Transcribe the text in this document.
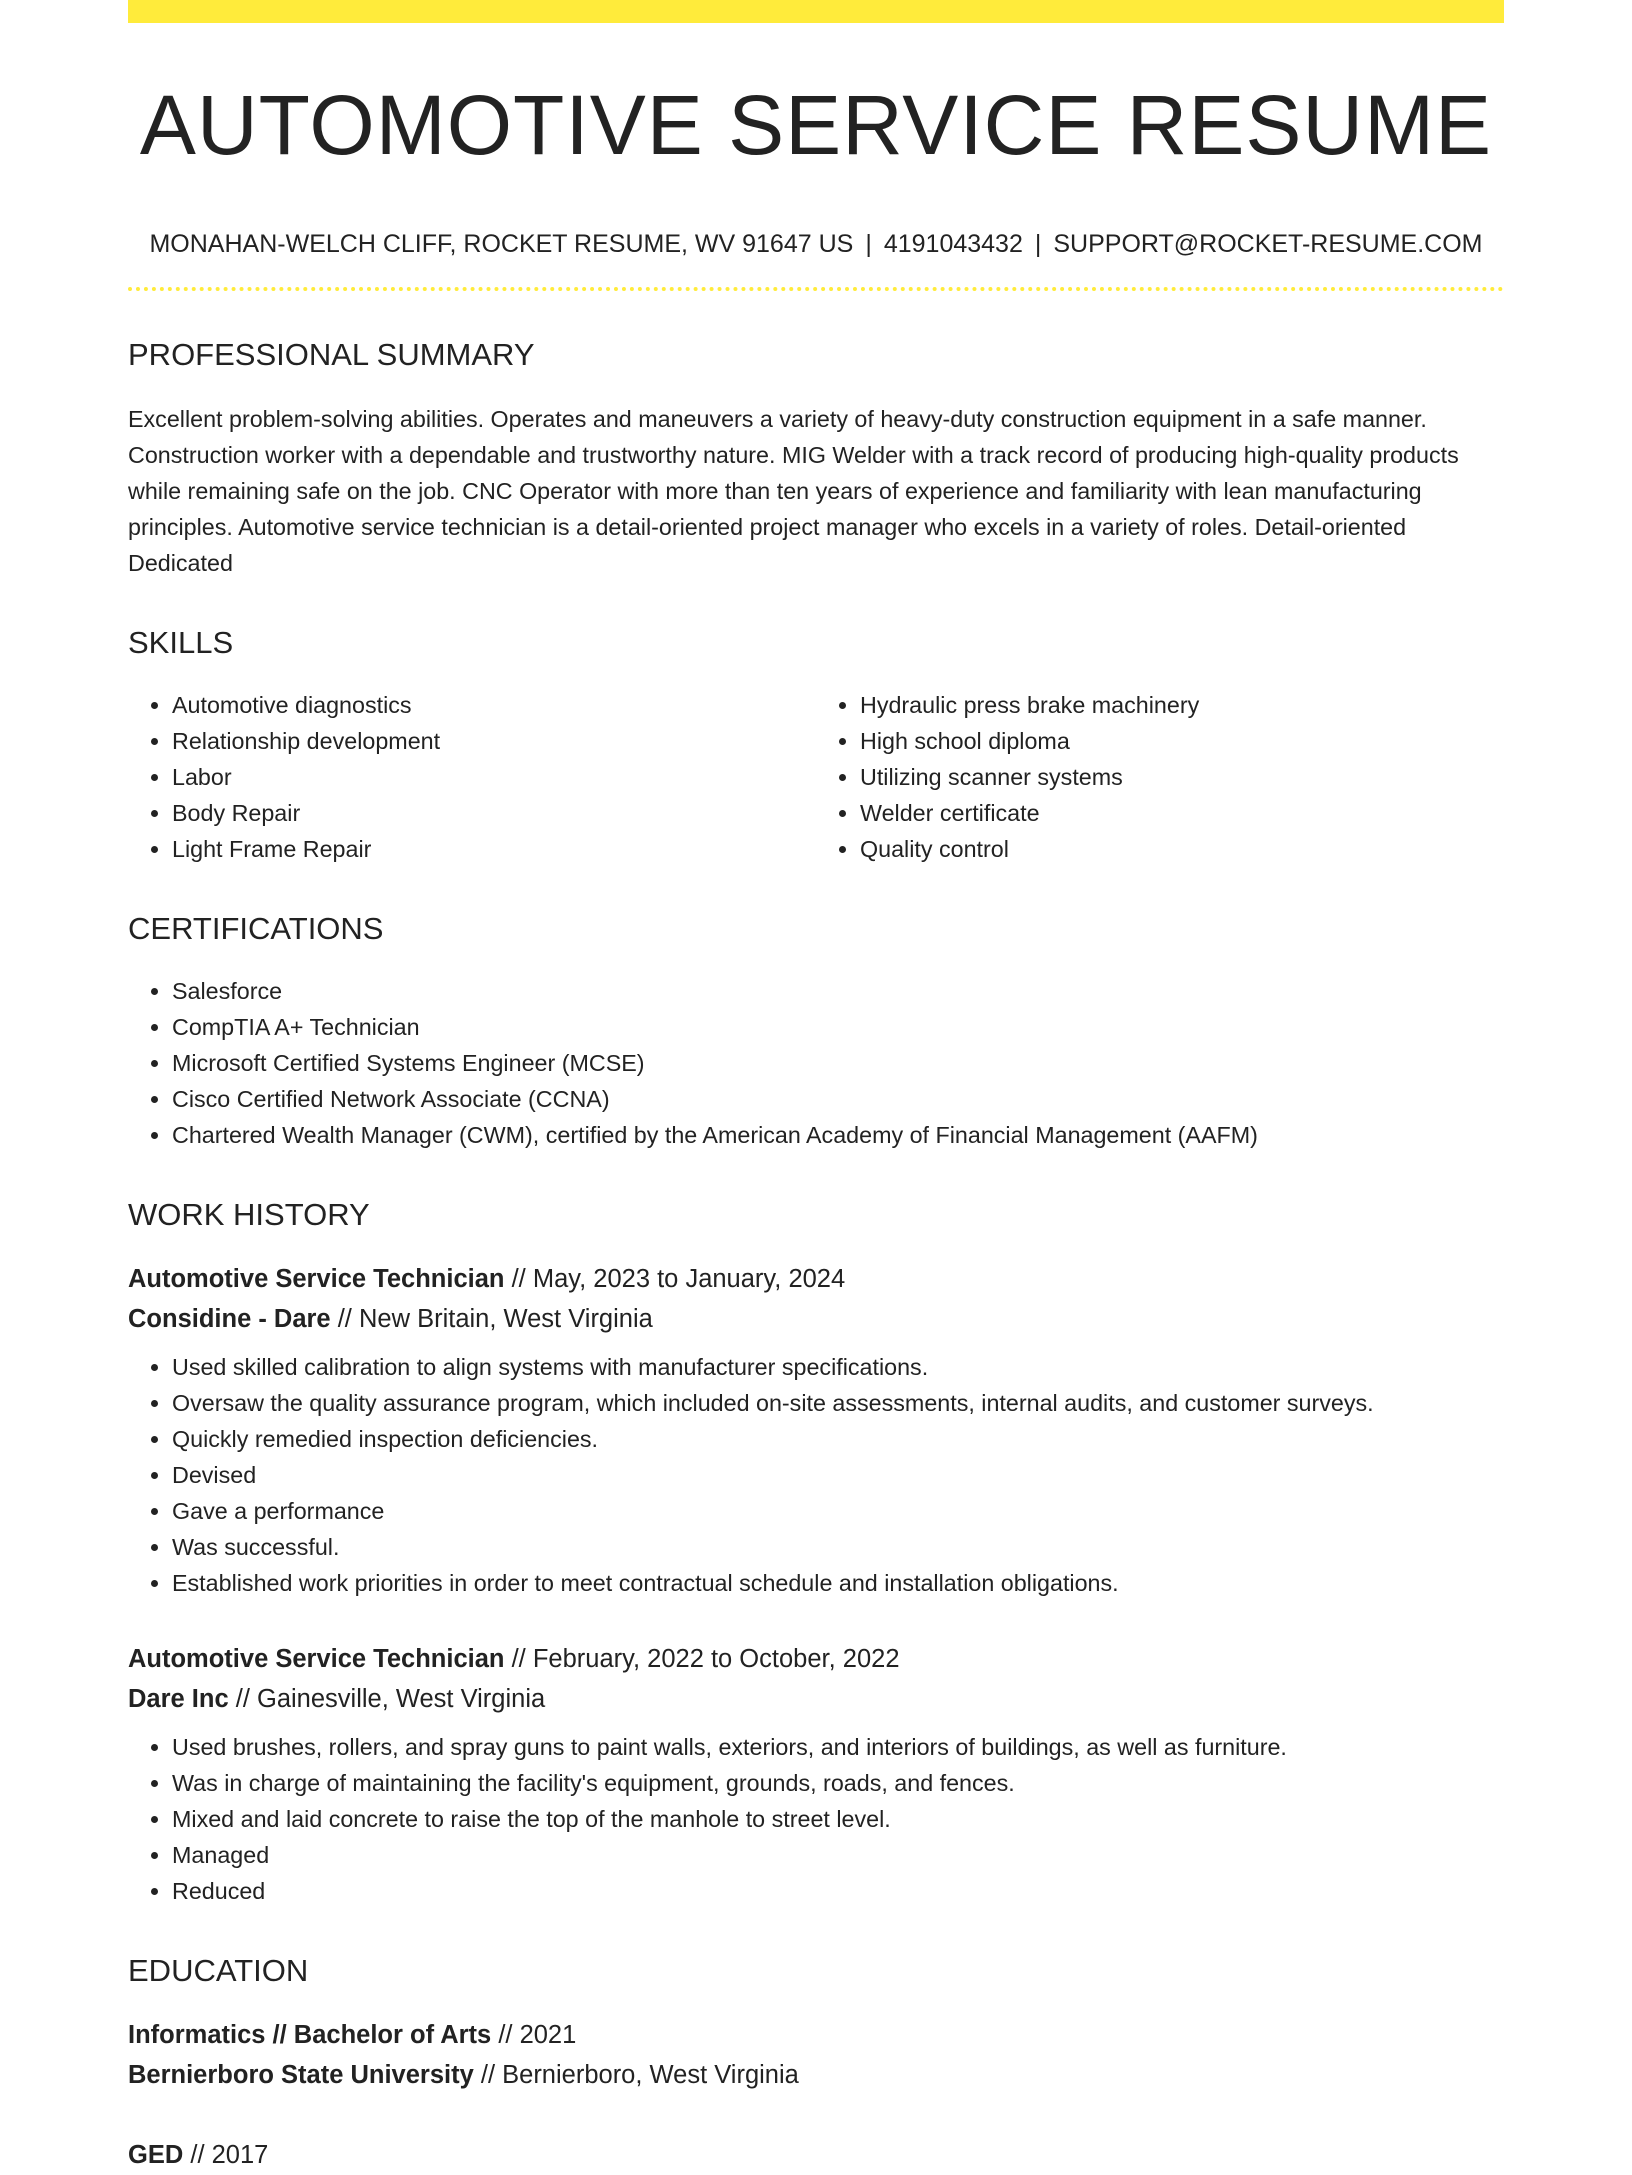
AUTOMOTIVE SERVICE RESUME
MONAHAN-WELCH CLIFF, ROCKET RESUME, WV 91647 US | 4191043432 | SUPPORT@ROCKET-RESUME.COM
PROFESSIONAL SUMMARY

Excellent problem-solving abilities. Operates and maneuvers a variety of heavy-duty construction equipment in a safe manner. Construction worker with a dependable and trustworthy nature. MIG Welder with a track record of producing high-quality products while remaining safe on the job. CNC Operator with more than ten years of experience and familiarity with lean manufacturing principles. Automotive service technician is a detail-oriented project manager who excels in a variety of roles. Detail-oriented Dedicated

SKILLS
• Automotive diagnostics
• Relationship development
• Labor
• Body Repair
• Light Frame Repair
• Hydraulic press brake machinery
• High school diploma
• Utilizing scanner systems
• Welder certificate
• Quality control
CERTIFICATIONS
• Salesforce
• CompTIA A+ Technician
• Microsoft Certified Systems Engineer (MCSE)
• Cisco Certified Network Associate (CCNA)
• Chartered Wealth Manager (CWM), certified by the American Academy of Financial Management (AAFM)
WORK HISTORY
Automotive Service Technician // May, 2023 to January, 2024
Considine - Dare // New Britain, West Virginia
• Used skilled calibration to align systems with manufacturer specifications.
• Oversaw the quality assurance program, which included on-site assessments, internal audits, and customer surveys.
• Quickly remedied inspection deficiencies.
• Devised
• Gave a performance
• Was successful.
• Established work priorities in order to meet contractual schedule and installation obligations.
Automotive Service Technician // February, 2022 to October, 2022
Dare Inc // Gainesville, West Virginia
• Used brushes, rollers, and spray guns to paint walls, exteriors, and interiors of buildings, as well as furniture.
• Was in charge of maintaining the facility's equipment, grounds, roads, and fences.
• Mixed and laid concrete to raise the top of the manhole to street level.
• Managed
• Reduced
EDUCATION
Informatics // Bachelor of Arts // 2021
Bernierboro State University // Bernierboro, West Virginia
GED // 2017
